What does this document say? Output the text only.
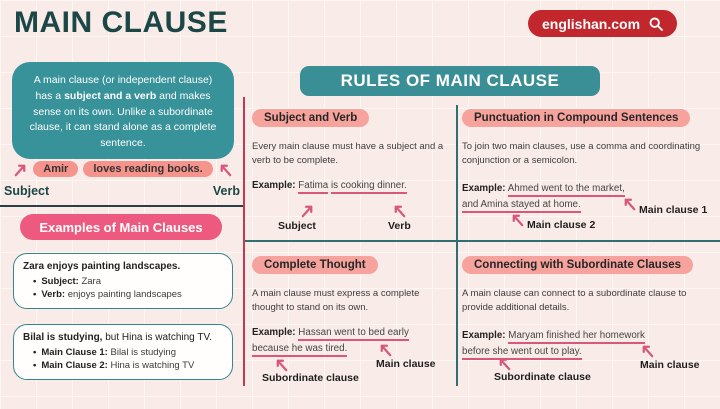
MAIN CLAUSE	englishan.com
A main clause (or independent clause) has a subject and a verb and makes sense on its own. Unlike a subordinate clause, it can stand alone as a complete sentence.
Amir	loves reading books.
Subject	Verb
Examples of Main Clauses
Zara enjoys painting landscapes.
• Subject: Zara
• Verb: enjoys painting landscapes
Bilal is studying, but Hina is watching TV.
• Main Clause 1: Bilal is studying
• Main Clause 2: Hina is watching TV
RULES OF MAIN CLAUSE
Subject and Verb
Every main clause must have a subject and a verb to be complete.
Example: Fatima is cooking dinner.
Subject	Verb
Punctuation in Compound Sentences
To join two main clauses, use a comma and coordinating conjunction or a semicolon.
Example: Ahmed went to the market,
and Amina stayed at home.	Main clause 1
Main clause 2
Complete Thought
A main clause must express a complete thought to stand on its own.
Example: Hassan went to bed early
because he was tired.
Main clause
Subordinate clause
Connecting with Subordinate Clauses
A main clause can connect to a subordinate clause to provide additional details.
Example: Maryam finished her homework
before she went out to play.
Main clause
Subordinate clause
